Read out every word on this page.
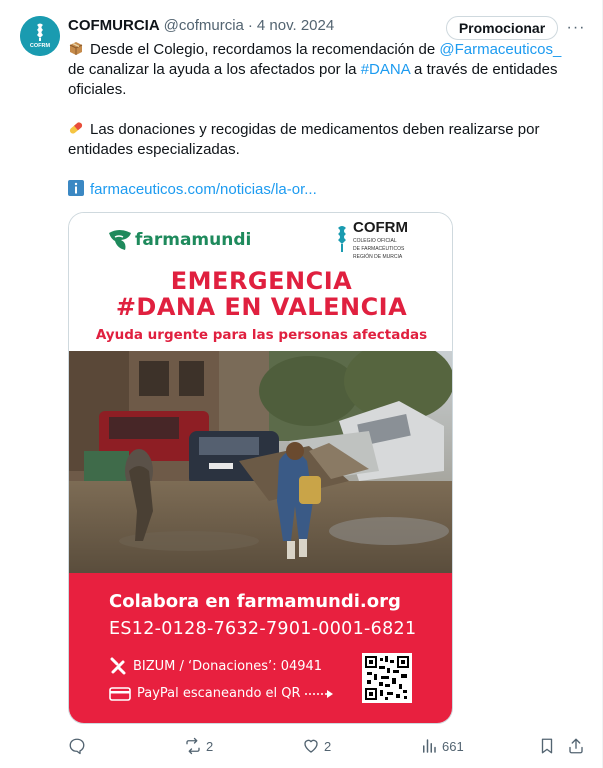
COFRM
COFMURCIA @cofmurcia · 4 nov. 2024	Promocionar	···
Desde el Colegio, recordamos la recomendación de @Farmaceuticos_
de canalizar la ayuda a los afectados por la #DANA a través de entidades
oficiales.
Las donaciones y recogidas de medicamentos deben realizarse por
entidades especializadas.
farmaceuticos.com/noticias/la-or...
farmamundi
COFRM
COLEGIO OFICIAL
DE FARMACÉUTICOS
REGIÓN DE MURCIA
EMERGENCIA
#DANA EN VALENCIA
Ayuda urgente para las personas afectadas
Colabora en farmamundi.org
ES12-0128-7632-7901-0001-6821
BIZUM / ‘Donaciones’: 04941
PayPal escaneando el QR
2	2	661
